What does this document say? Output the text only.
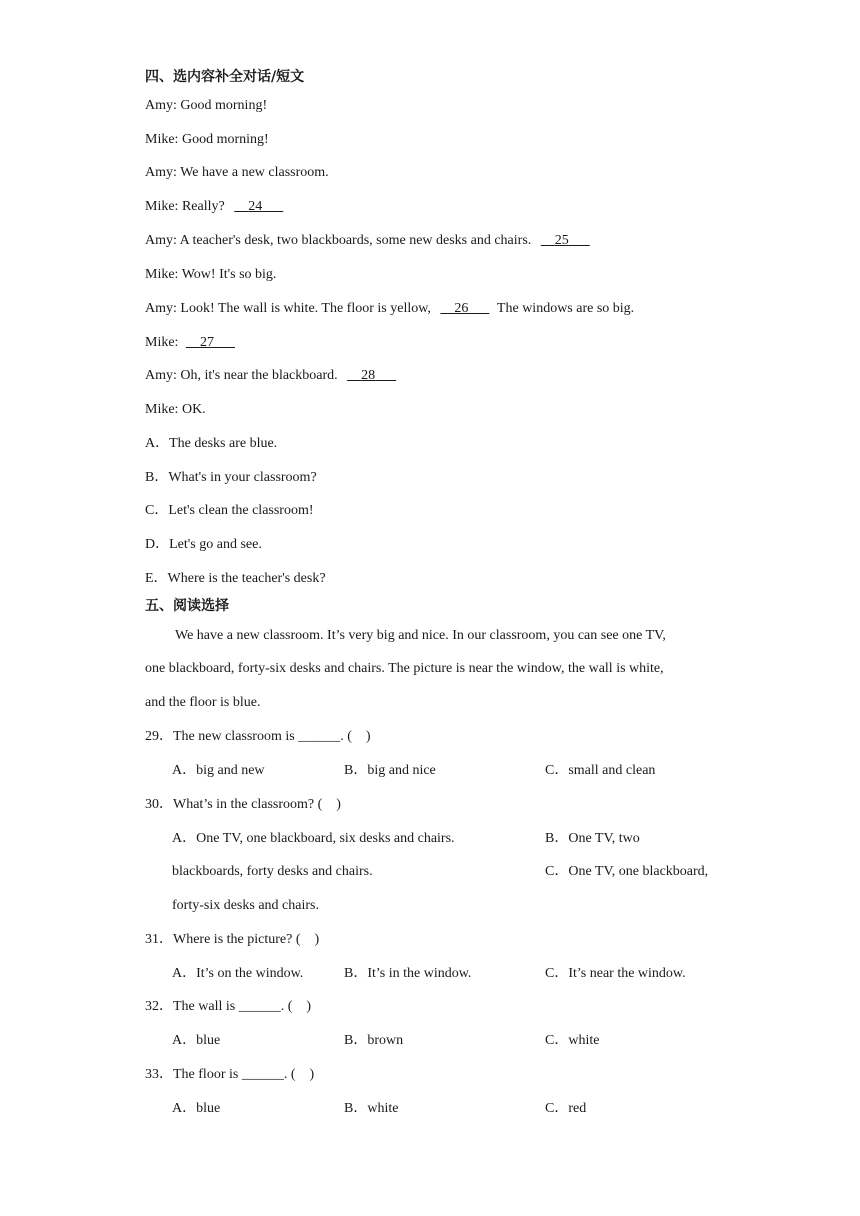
四、选内容补全对话/短文
Amy: Good morning!
Mike: Good morning!
Amy: We have a new classroom.
Mike: Really? 24
Amy: A teacher's desk, two blackboards, some new desks and chairs. 25
Mike: Wow! It's so big.
Amy: Look! The wall is white. The floor is yellow, 26 The windows are so big.
Mike: 27
Amy: Oh, it's near the blackboard. 28
Mike: OK.
A．The desks are blue.
B．What's in your classroom?
C．Let's clean the classroom!
D．Let's go and see.
E．Where is the teacher's desk?
五、阅读选择
We have a new classroom. It’s very big and nice. In our classroom, you can see one TV,
one blackboard, forty-six desks and chairs. The picture is near the window, the wall is white,
and the floor is blue.
29．The new classroom is ______. (　)
A．big and new	B．big and nice	C．small and clean
30．What’s in the classroom? (　)
A．One TV, one blackboard, six desks and chairs.	B．One TV, two
blackboards, forty desks and chairs.	C．One TV, one blackboard,
forty-six desks and chairs.
31．Where is the picture? (　)
A．It’s on the window.	B．It’s in the window.	C．It’s near the window.
32．The wall is ______. (　)
A．blue	B．brown	C．white
33．The floor is ______. (　)
A．blue	B．white	C．red
